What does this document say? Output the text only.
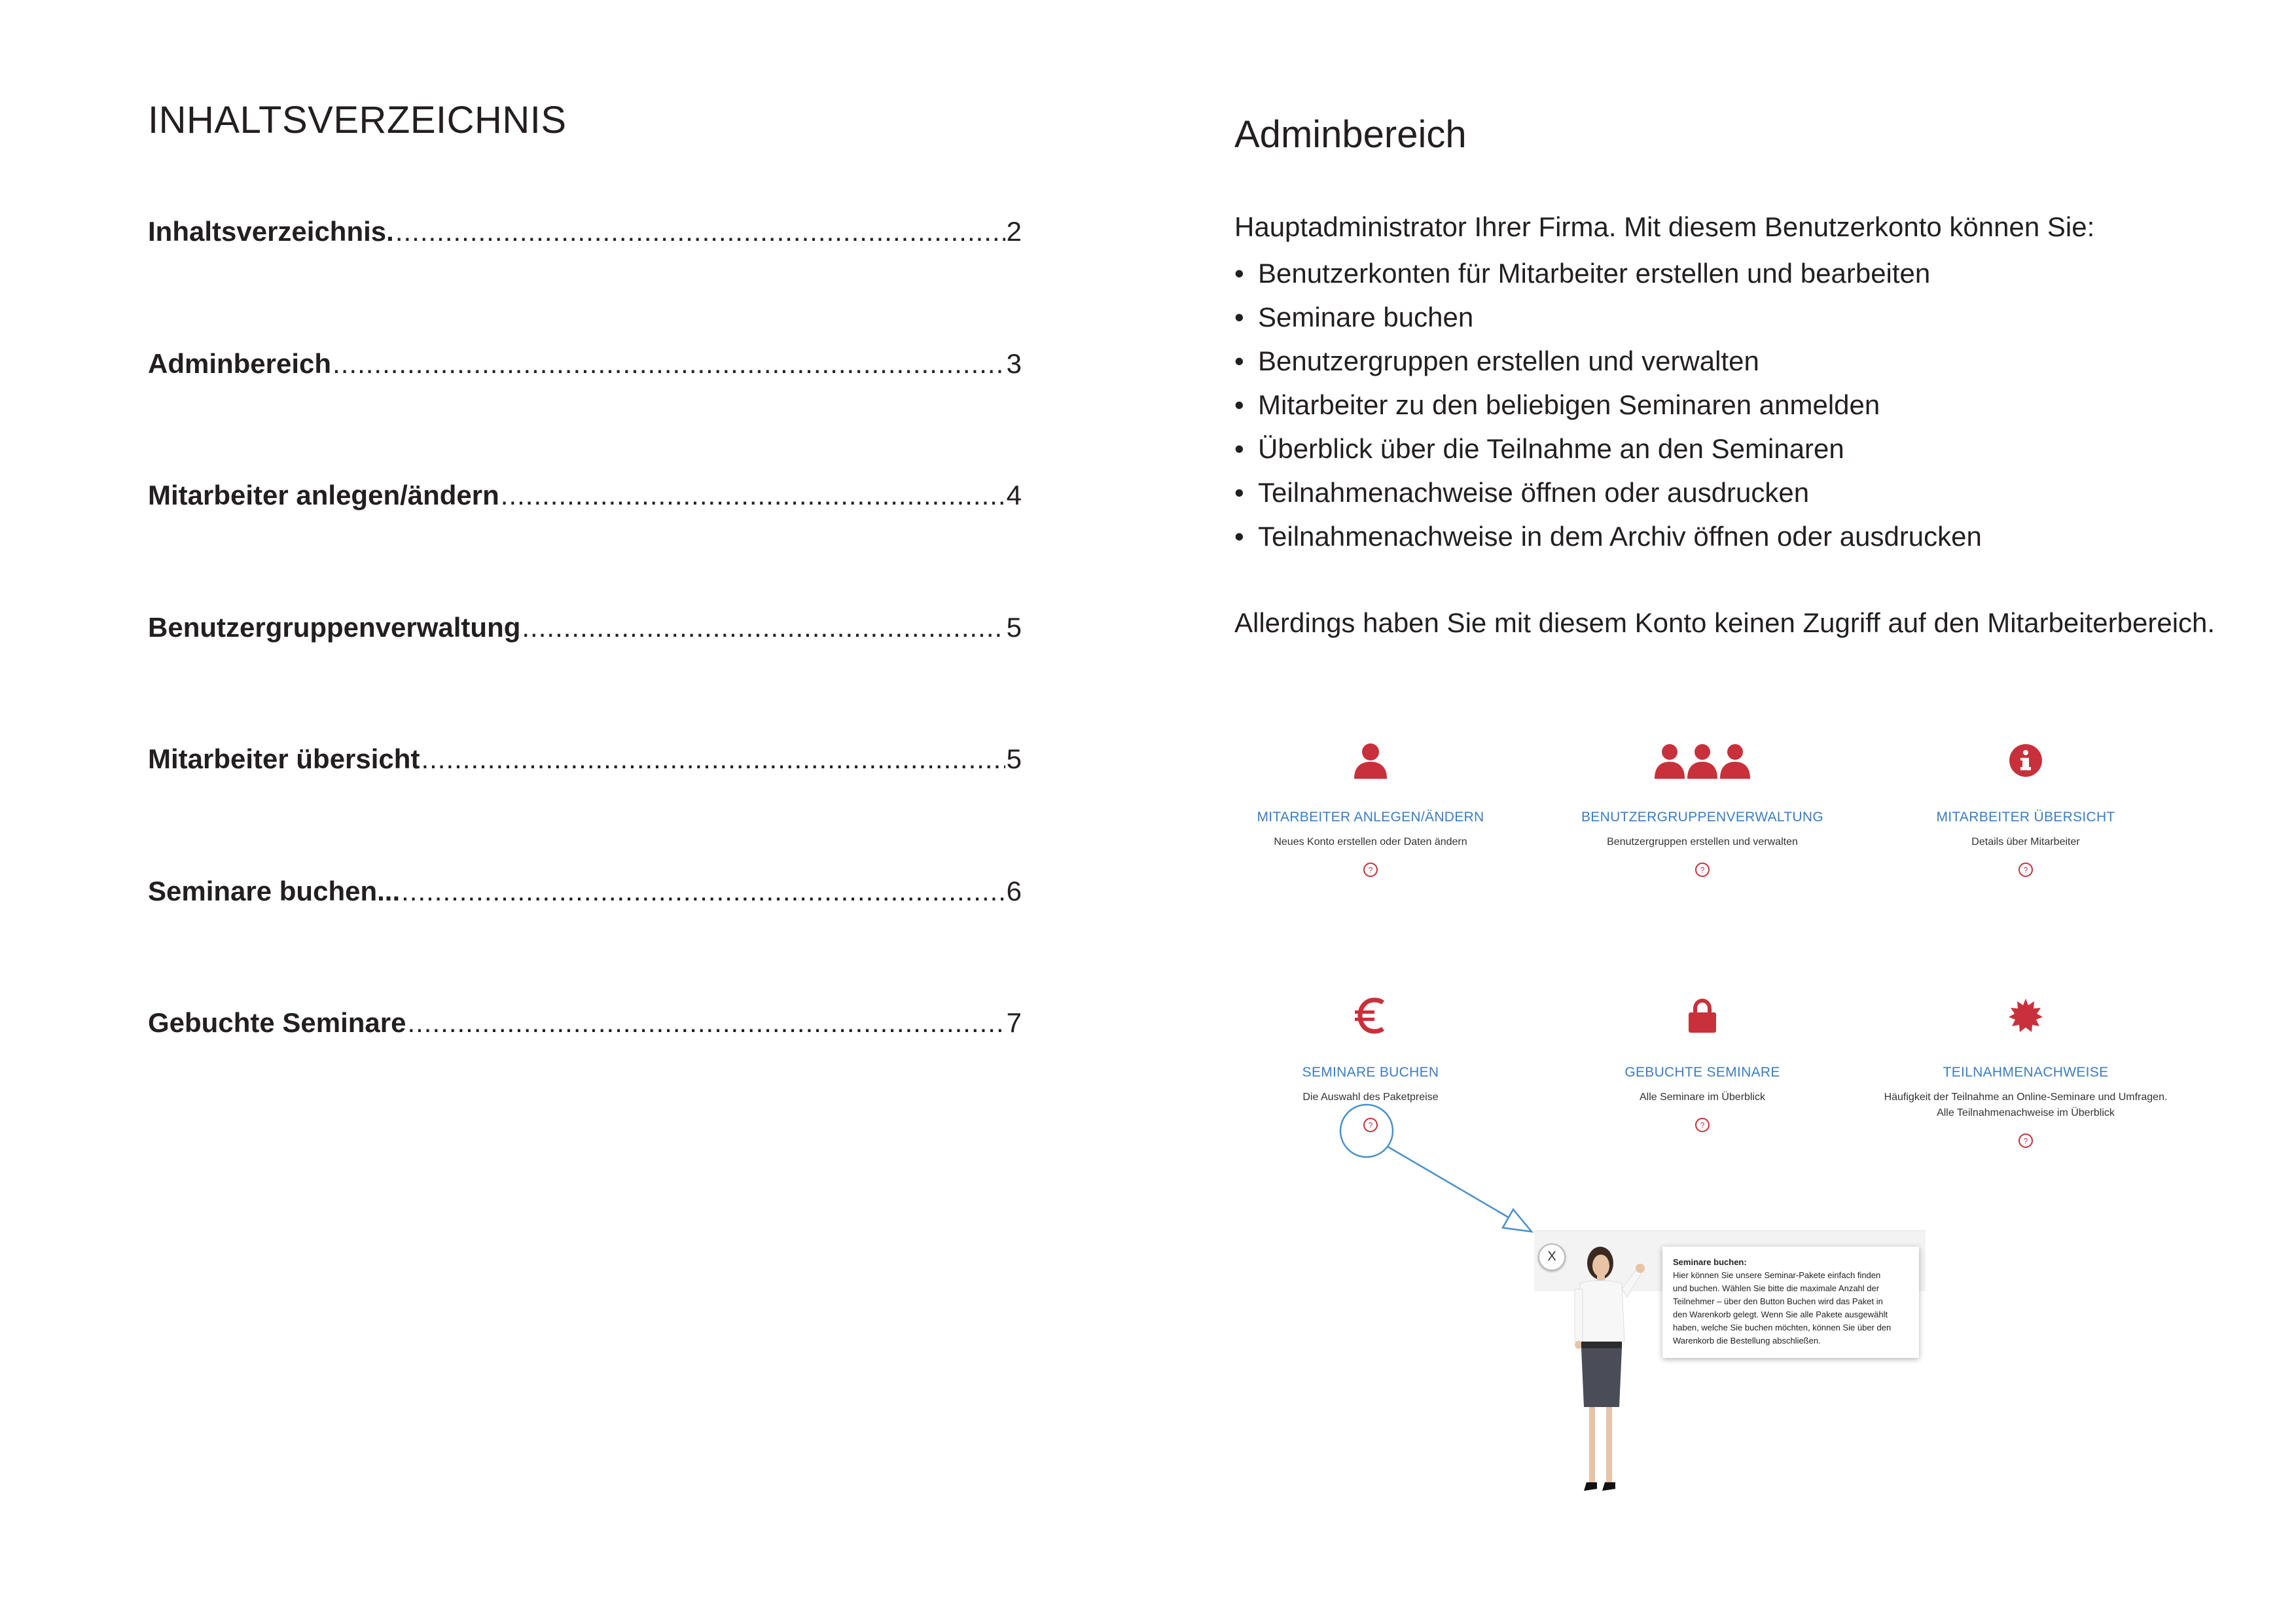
INHALTSVERZEICHNIS
Inhaltsverzeichnis. .....	2
Adminbereich .....	3
Mitarbeiter anlegen/ändern .....	4
Benutzergruppenverwaltung .....	5
Mitarbeiter übersicht .....	5
Seminare buchen... .....	6
Gebuchte Seminare .....	7
Adminbereich

Hauptadministrator Ihrer Firma. Mit diesem Benutzerkonto können Sie:

• Benutzerkonten für Mitarbeiter erstellen und bearbeiten
• Seminare buchen
• Benutzergruppen erstellen und verwalten
• Mitarbeiter zu den beliebigen Seminaren anmelden
• Überblick über die Teilnahme an den Seminaren
• Teilnahmenachweise öffnen oder ausdrucken
• Teilnahmenachweise in dem Archiv öffnen oder ausdrucken

Allerdings haben Sie mit diesem Konto keinen Zugriff auf den Mitarbeiterbereich.

MITARBEITER ANLEGEN/ÄNDERN
Neues Konto erstellen oder Daten ändern
?
BENUTZERGRUPPENVERWALTUNG
Benutzergruppen erstellen und verwalten
?
MITARBEITER ÜBERSICHT
Details über Mitarbeiter
?
SEMINARE BUCHEN
Die Auswahl des Paketpreise
?
GEBUCHTE SEMINARE
Alle Seminare im Überblick
?
TEILNAHMENACHWEISE
Häufigkeit der Teilnahme an Online-Seminare und Umfragen.
Alle Teilnahmenachweise im Überblick
?
X	Seminare buchen:
Hier können Sie unsere Seminar-Pakete einfach finden
und buchen. Wählen Sie bitte die maximale Anzahl der
Teilnehmer – über den Button Buchen wird das Paket in
den Warenkorb gelegt. Wenn Sie alle Pakete ausgewählt
haben, welche Sie buchen möchten, können Sie über den
Warenkorb die Bestellung abschließen.
